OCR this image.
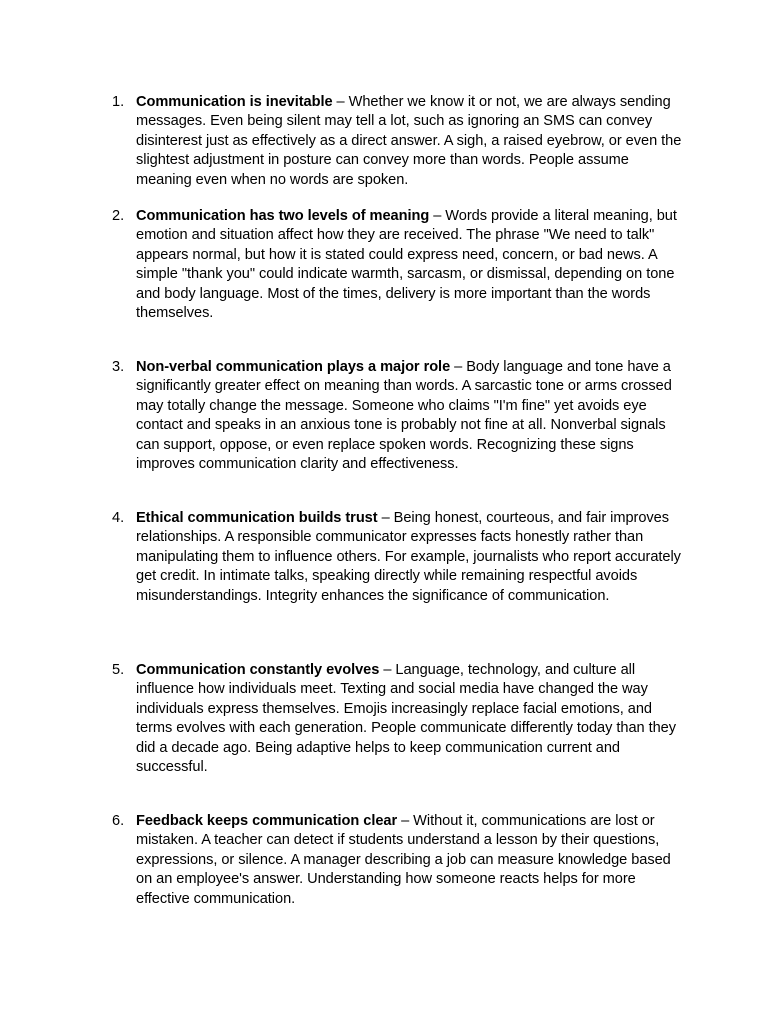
1. Communication is inevitable – Whether we know it or not, we are always sending messages. Even being silent may tell a lot, such as ignoring an SMS can convey disinterest just as effectively as a direct answer. A sigh, a raised eyebrow, or even the slightest adjustment in posture can convey more than words. People assume meaning even when no words are spoken.
2. Communication has two levels of meaning – Words provide a literal meaning, but emotion and situation affect how they are received. The phrase "We need to talk" appears normal, but how it is stated could express need, concern, or bad news. A simple "thank you" could indicate warmth, sarcasm, or dismissal, depending on tone and body language. Most of the times, delivery is more important than the words themselves.
3. Non-verbal communication plays a major role – Body language and tone have a significantly greater effect on meaning than words. A sarcastic tone or arms crossed may totally change the message. Someone who claims "I'm fine" yet avoids eye contact and speaks in an anxious tone is probably not fine at all. Nonverbal signals can support, oppose, or even replace spoken words. Recognizing these signs improves communication clarity and effectiveness.
4. Ethical communication builds trust – Being honest, courteous, and fair improves relationships. A responsible communicator expresses facts honestly rather than manipulating them to influence others. For example, journalists who report accurately get credit. In intimate talks, speaking directly while remaining respectful avoids misunderstandings. Integrity enhances the significance of communication.
5. Communication constantly evolves – Language, technology, and culture all influence how individuals meet. Texting and social media have changed the way individuals express themselves. Emojis increasingly replace facial emotions, and terms evolves with each generation. People communicate differently today than they did a decade ago. Being adaptive helps to keep communication current and successful.
6. Feedback keeps communication clear – Without it, communications are lost or mistaken. A teacher can detect if students understand a lesson by their questions, expressions, or silence. A manager describing a job can measure knowledge based on an employee's answer. Understanding how someone reacts helps for more effective communication.
